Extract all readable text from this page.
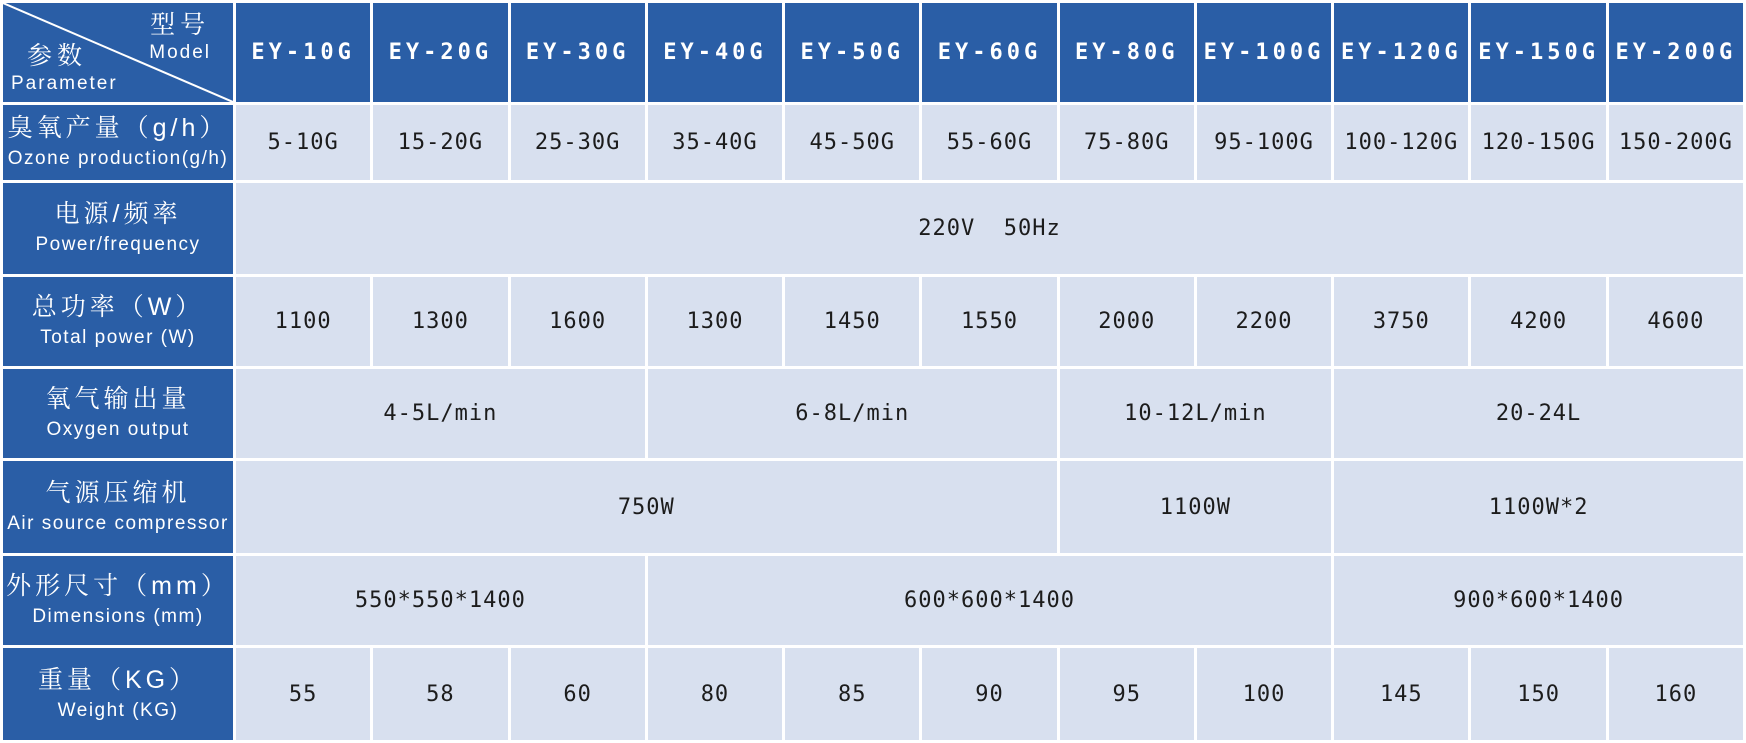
型号
Model
参数
Parameter
EY-10G	EY-20G	EY-30G	EY-40G	EY-50G	EY-60G	EY-80G	EY-100G EY-120G EY-150G EY-200G
臭氧产量（g/h）
Ozone production(g/h)
5-10G	15-20G	25-30G	35-40G	45-50G	55-60G	75-80G	95-100G	100-120G	120-150G	150-200G
电源/频率
Power/frequency
220V  50Hz
总功率（W）
Total power (W)
1100	1300	1600	1300	1450	1550	2000	2200	3750	4200	4600
氧气输出量
Oxygen output
4-5L/min	6-8L/min	10-12L/min	20-24L
气源压缩机
Air source compressor
750W	1100W	1100W*2
外形尺寸（mm）
Dimensions (mm)
550*550*1400	600*600*1400	900*600*1400
重量（KG）
Weight (KG)
55	58	60	80	85	90	95	100	145	150	160
